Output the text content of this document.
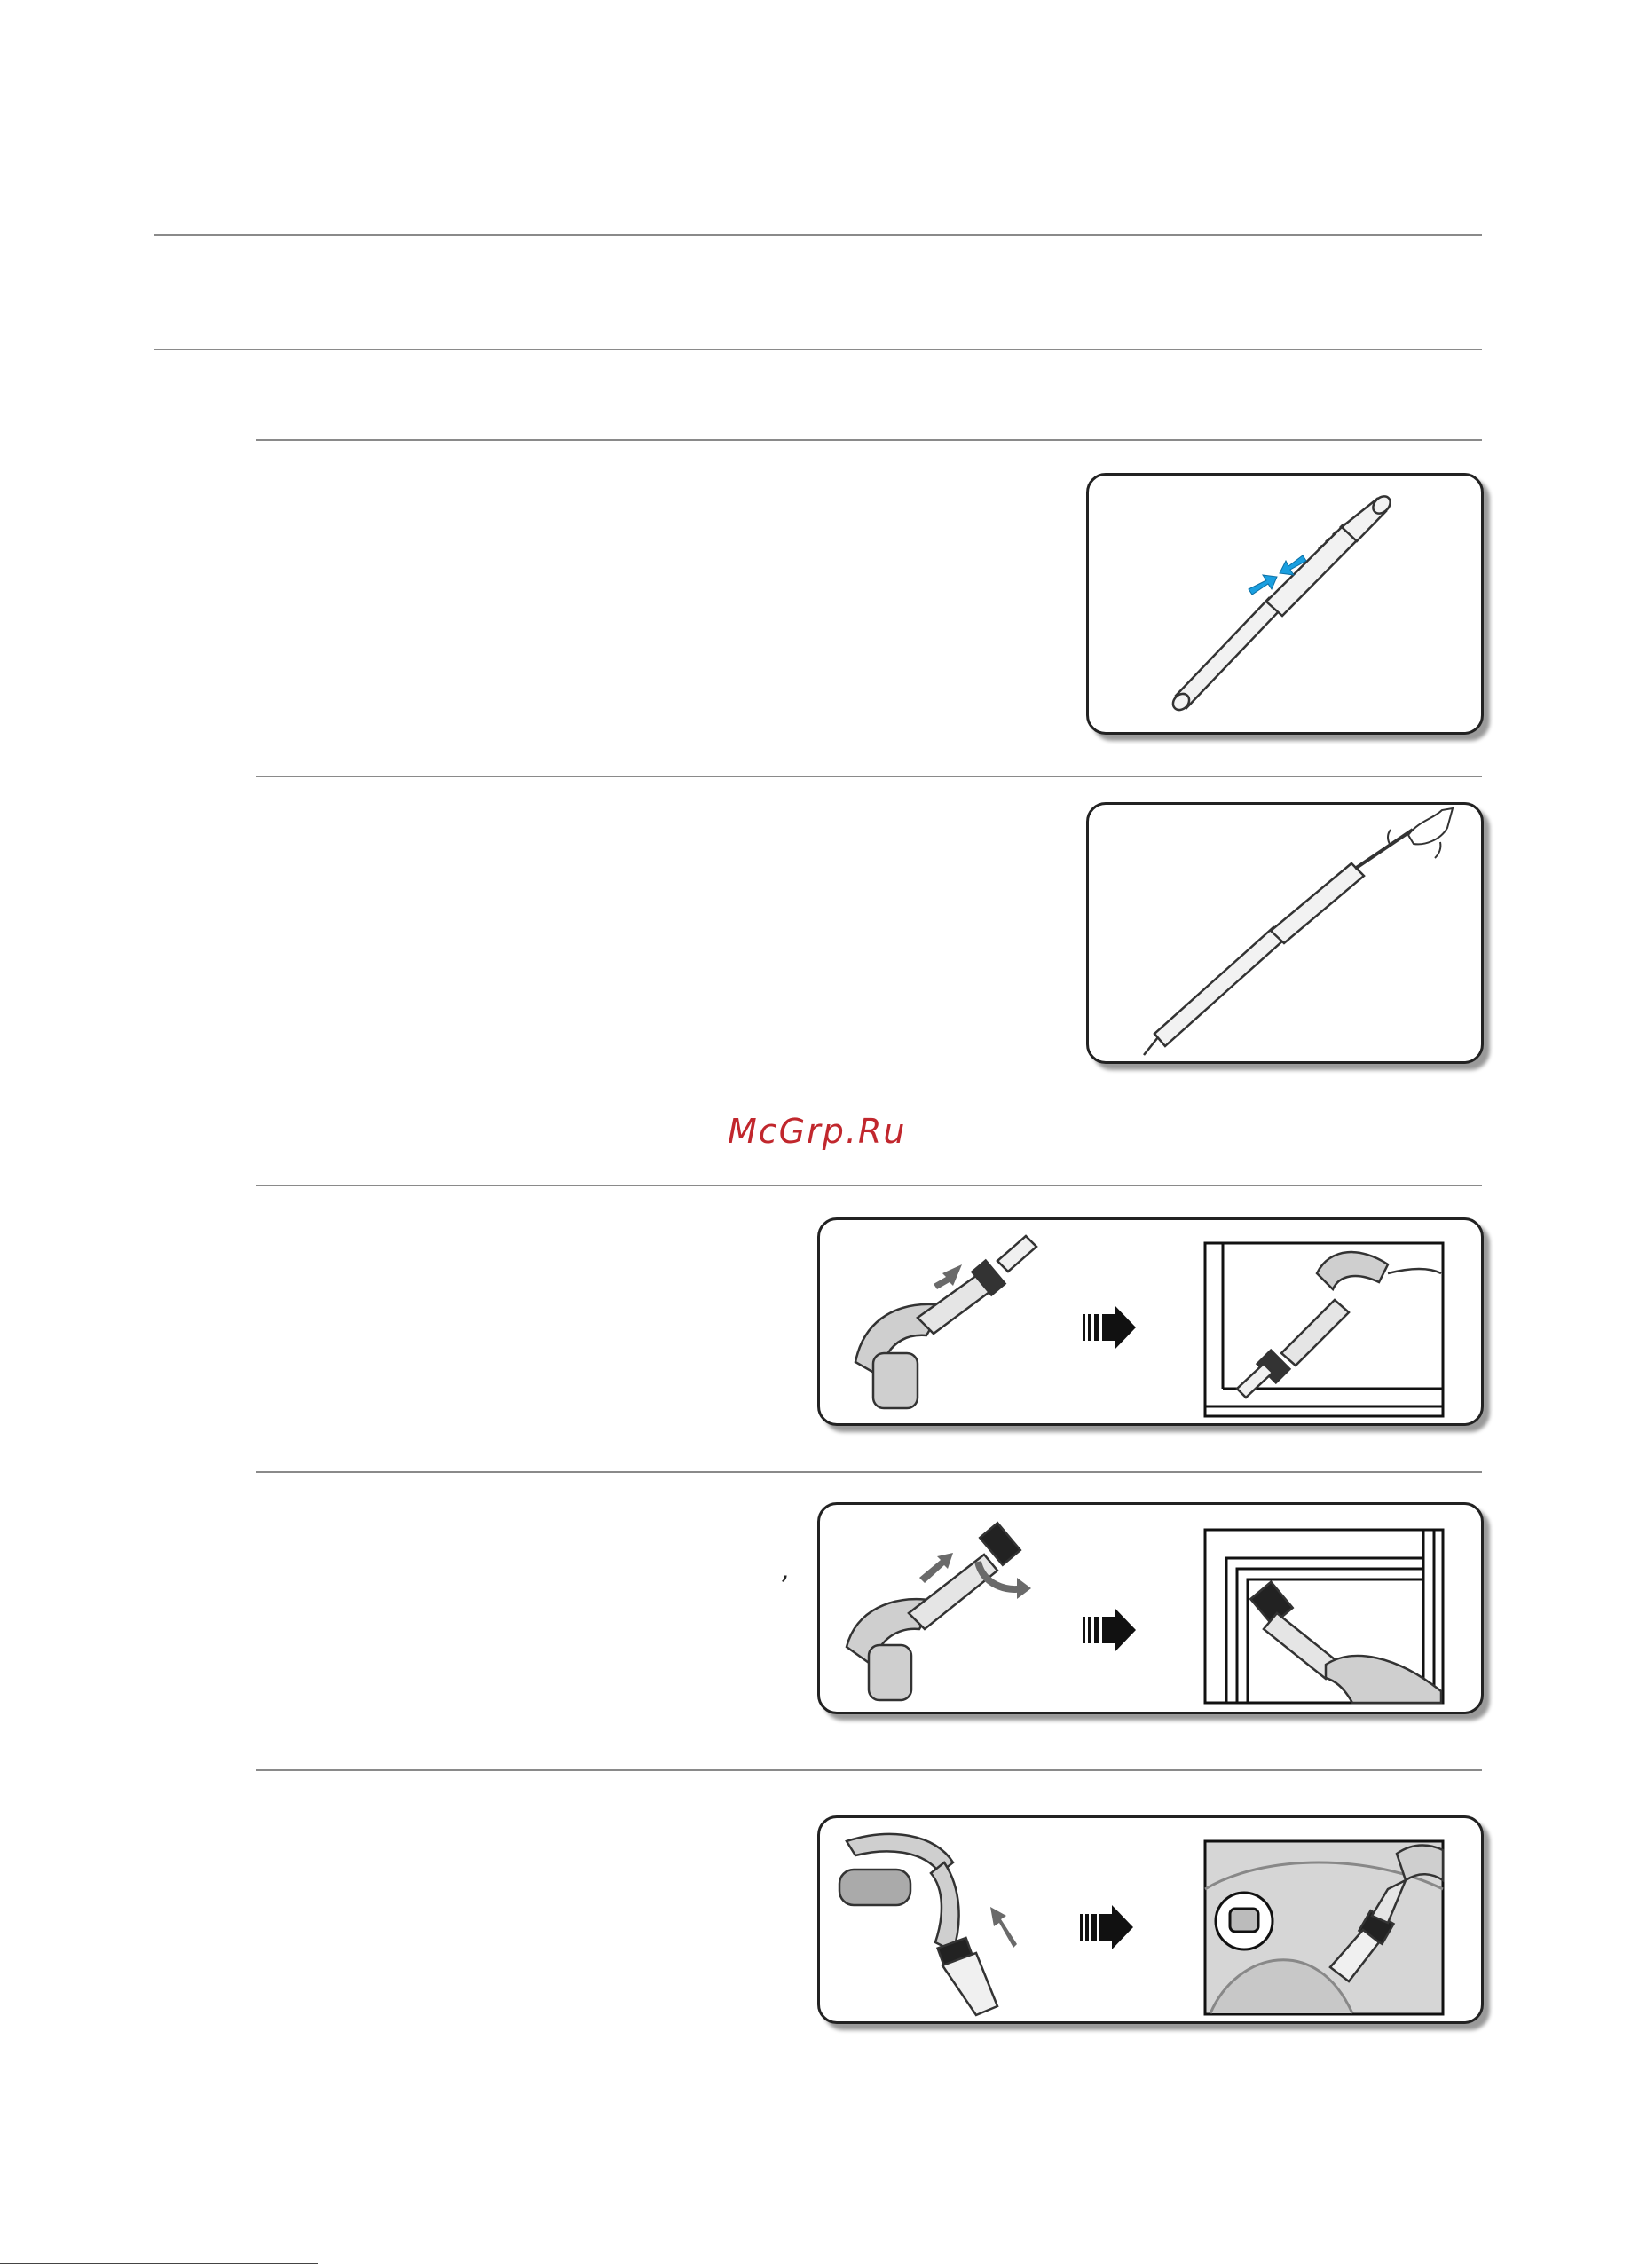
McGrp.Ru
,
